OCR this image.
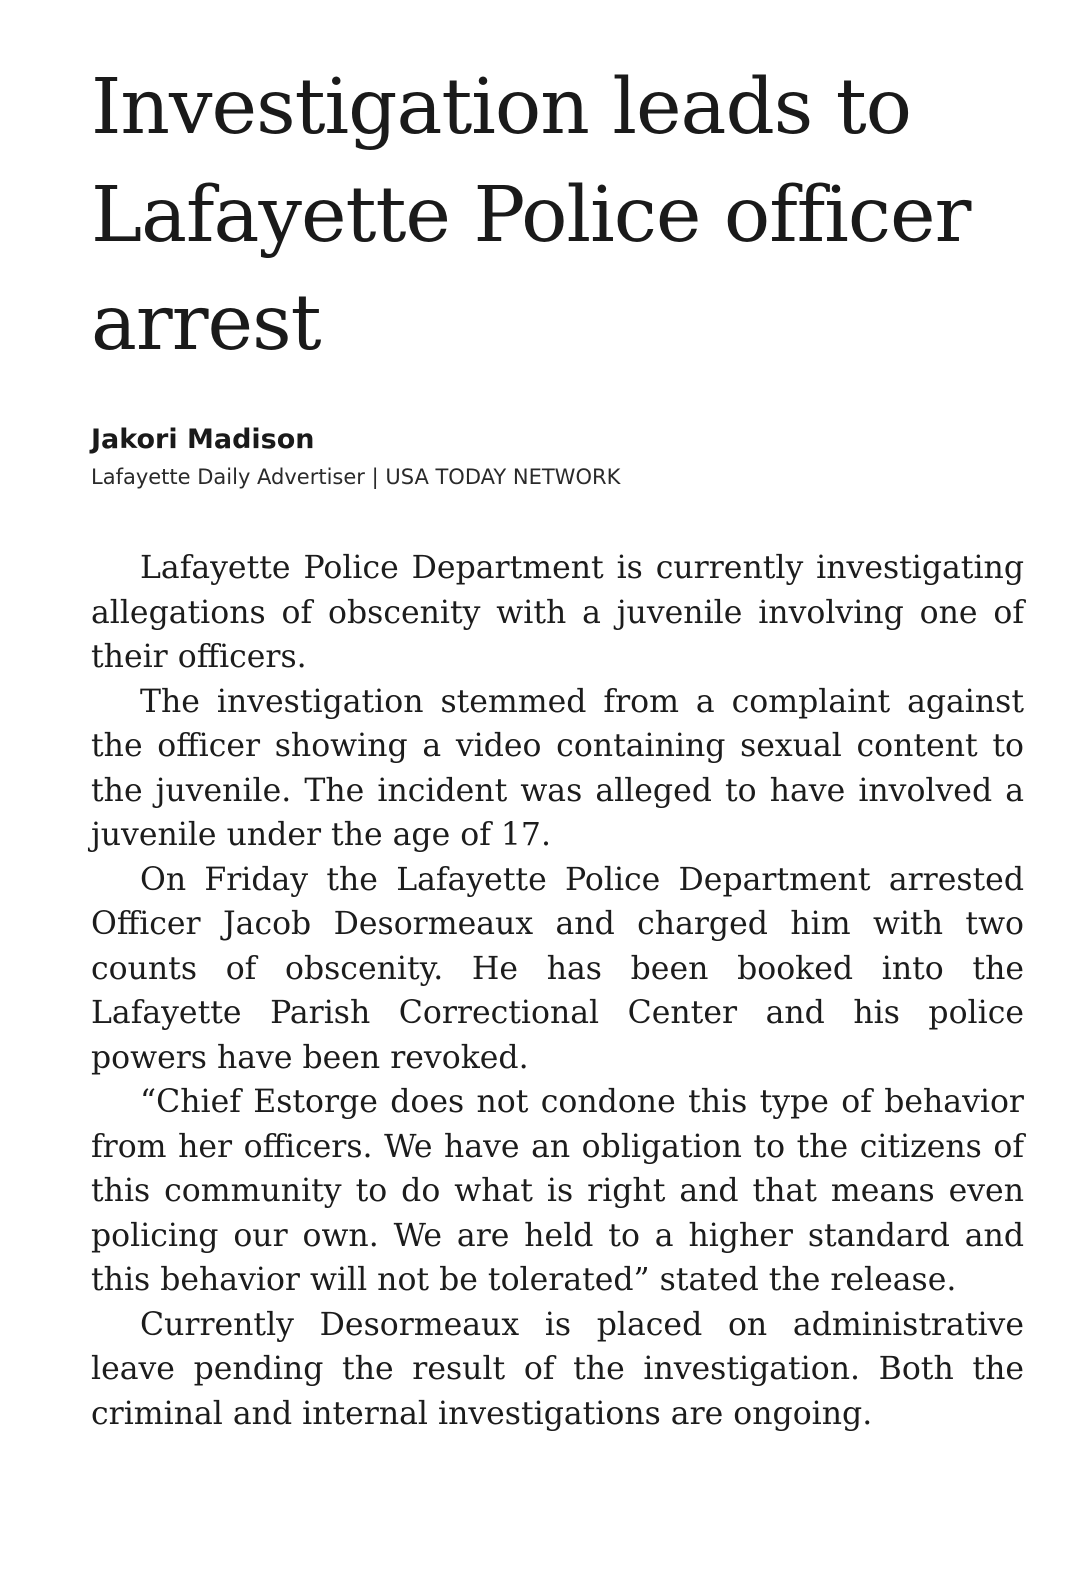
Investigation leads to Lafayette Police officer arrest
Jakori Madison
Lafayette Daily Advertiser | USA TODAY NETWORK

Lafayette Police Department is currently investigating allegations of obscenity with a juvenile involving one of their officers.

The investigation stemmed from a complaint against the officer showing a video containing sexual content to the juvenile. The incident was alleged to have involved a juvenile under the age of 17.

On Friday the Lafayette Police Department arrested Officer Jacob Desormeaux and charged him with two counts of obscenity. He has been booked into the Lafayette Parish Correctional Center and his police powers have been revoked.

“Chief Estorge does not condone this type of behavior from her officers. We have an obligation to the citizens of this community to do what is right and that means even policing our own. We are held to a higher standard and this behavior will not be tolerated” stated the release.

Currently Desormeaux is placed on administrative leave pending the result of the investigation. Both the criminal and internal investigations are ongoing.
